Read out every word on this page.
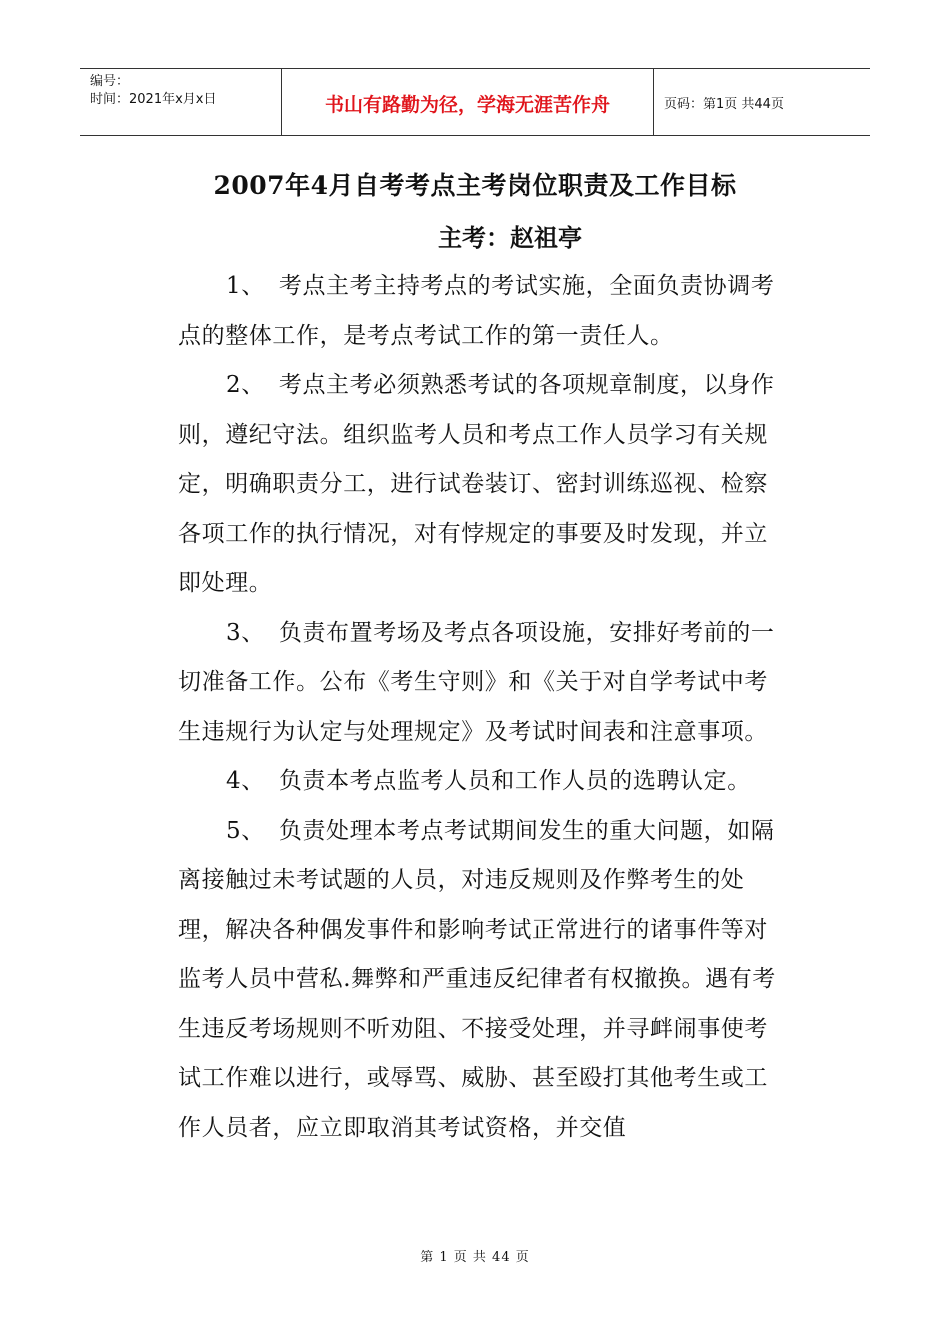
编号：
时间：2021年x月x日	书山有路勤为径，学海无涯苦作舟	页码：第1页 共44页
2007年4月自考考点主考岗位职责及工作目标
主考：赵祖亭

1、 考点主考主持考点的考试实施，全面负责协调考点的整体工作，是考点考试工作的第一责任人。

2、 考点主考必须熟悉考试的各项规章制度，以身作则，遵纪守法。组织监考人员和考点工作人员学习有关规定，明确职责分工，进行试卷装订、密封训练巡视、检察各项工作的执行情况，对有悖规定的事要及时发现，并立即处理。

3、 负责布置考场及考点各项设施，安排好考前的一切准备工作。公布《考生守则》和《关于对自学考试中考生违规行为认定与处理规定》及考试时间表和注意事项。

4、 负责本考点监考人员和工作人员的选聘认定。

5、 负责处理本考点考试期间发生的重大问题，如隔离接触过未考试题的人员，对违反规则及作弊考生的处理，解决各种偶发事件和影响考试正常进行的诸事件等对监考人员中营私.舞弊和严重违反纪律者有权撤换。遇有考生违反考场规则不听劝阻、不接受处理，并寻衅闹事使考试工作难以进行，或辱骂、威胁、甚至殴打其他考生或工作人员者，应立即取消其考试资格，并交值

第 1 页 共 44 页
